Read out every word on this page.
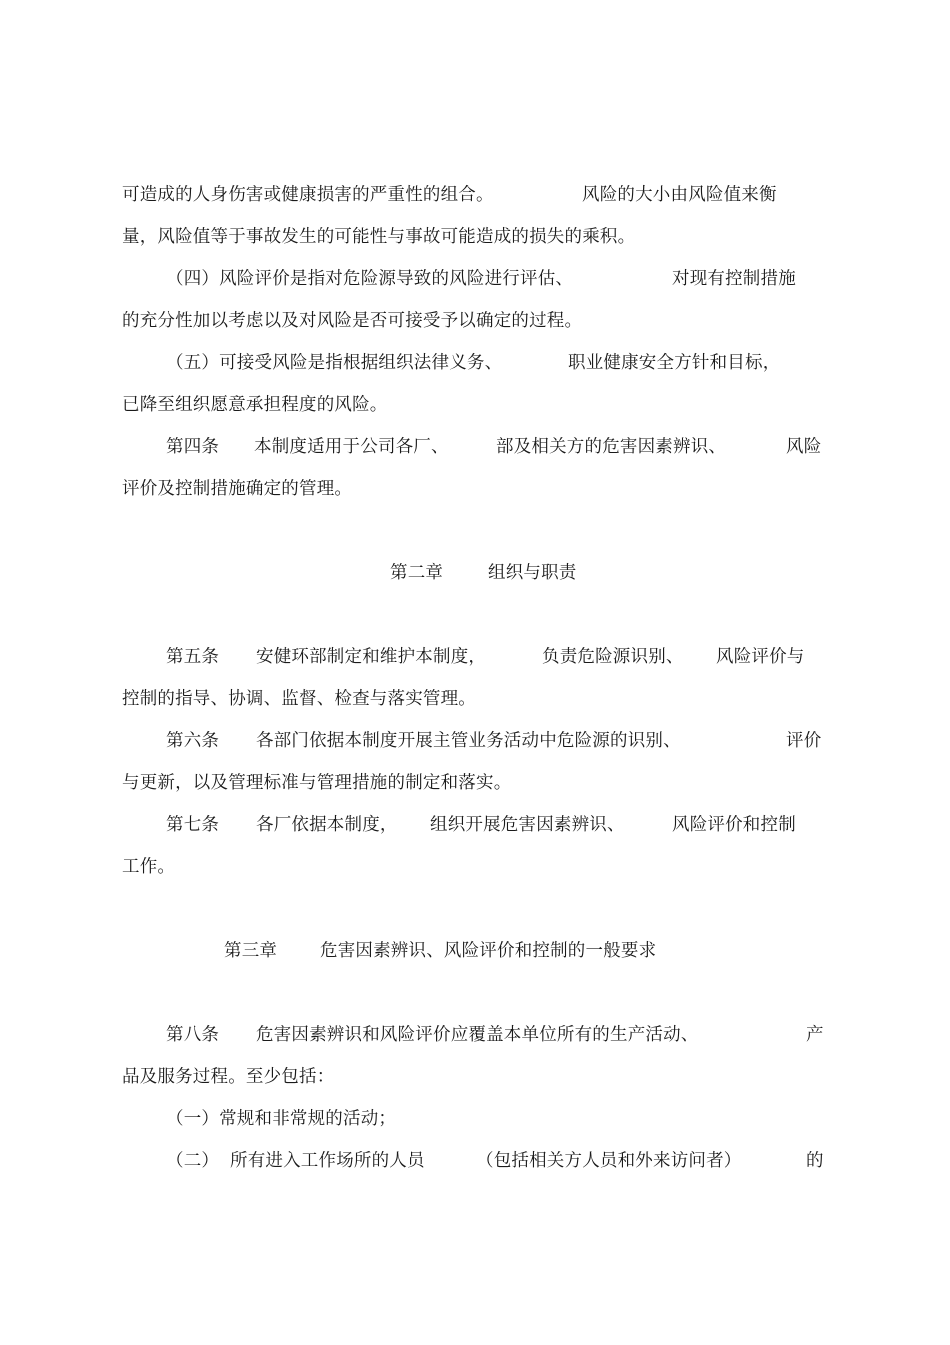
可造成的人身伤害或健康损害的严重性的组合。	风险的大小由风险值来衡
量，风险值等于事故发生的可能性与事故可能造成的损失的乘积。
（四）风险评价是指对危险源导致的风险进行评估、	对现有控制措施
的充分性加以考虑以及对风险是否可接受予以确定的过程。
（五）可接受风险是指根据组织法律义务、	职业健康安全方针和目标，
已降至组织愿意承担程度的风险。
第四条 本制度适用于公司各厂、	部及相关方的危害因素辨识、	风险
评价及控制措施确定的管理。
第二章	组织与职责
第五条 安健环部制定和维护本制度，	负责危险源识别、 风险评价与
控制的指导、协调、监督、检查与落实管理。
第六条 各部门依据本制度开展主管业务活动中危险源的识别、	评价
与更新，以及管理标准与管理措施的制定和落实。
第七条 各厂依据本制度， 组织开展危害因素辨识、	风险评价和控制
工作。
第三章 危害因素辨识、风险评价和控制的一般要求
第八条 危害因素辨识和风险评价应覆盖本单位所有的生产活动、	产
品及服务过程。至少包括：
（一）常规和非常规的活动；
（二） 所有进入工作场所的人员	（包括相关方人员和外来访问者）	的
